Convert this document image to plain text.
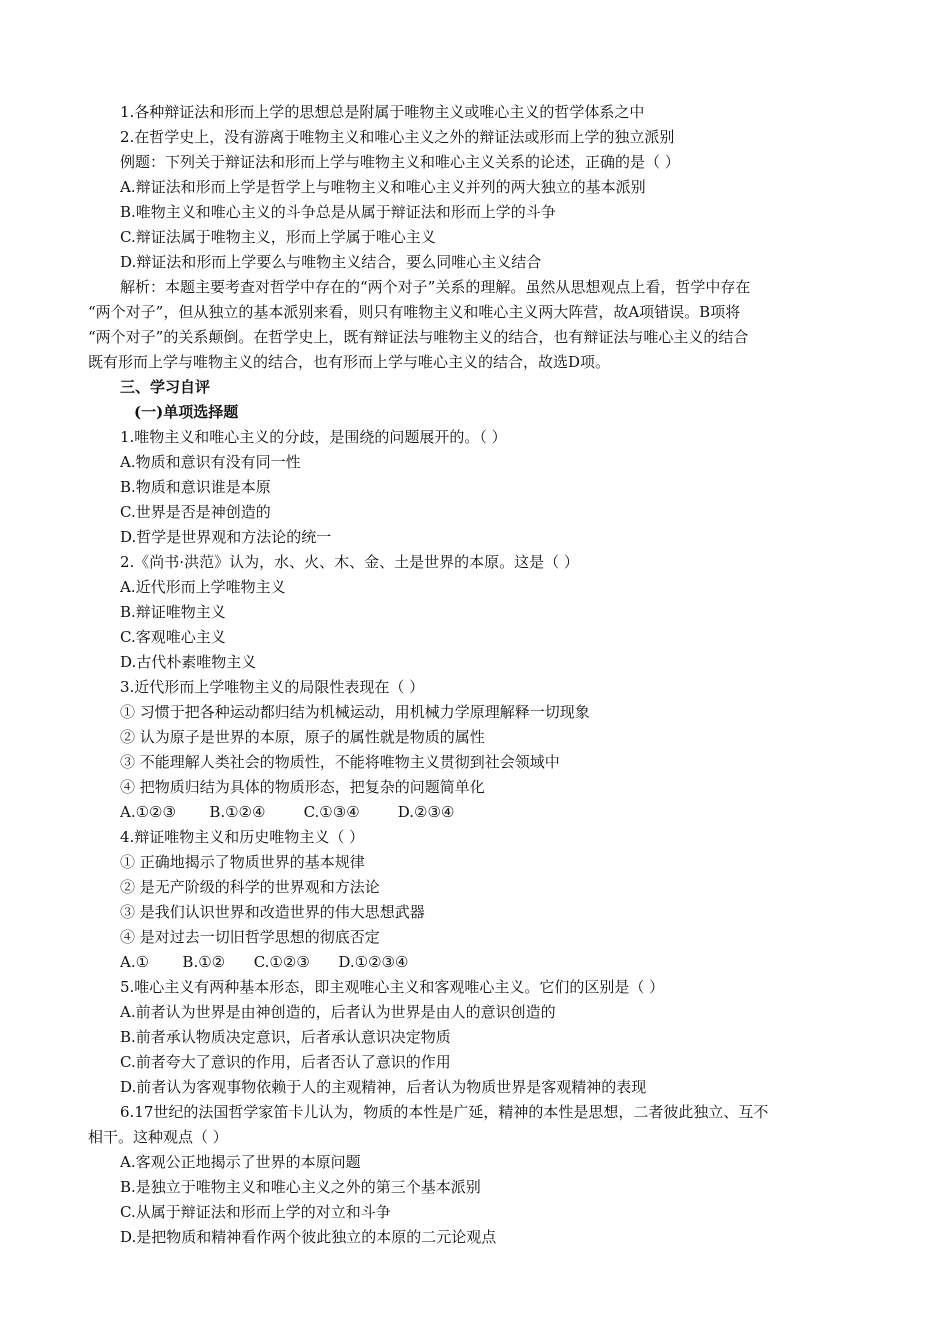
1.各种辩证法和形而上学的思想总是附属于唯物主义或唯心主义的哲学体系之中
2.在哲学史上，没有游离于唯物主义和唯心主义之外的辩证法或形而上学的独立派别
例题：下列关于辩证法和形而上学与唯物主义和唯心主义关系的论述，正确的是（ ）
A.辩证法和形而上学是哲学上与唯物主义和唯心主义并列的两大独立的基本派别
B.唯物主义和唯心主义的斗争总是从属于辩证法和形而上学的斗争
C.辩证法属于唯物主义，形而上学属于唯心主义
D.辩证法和形而上学要么与唯物主义结合，要么同唯心主义结合
解析：本题主要考查对哲学中存在的“两个对子”关系的理解。虽然从思想观点上看，哲学中存在
“两个对子”，但从独立的基本派别来看，则只有唯物主义和唯心主义两大阵营，故A项错误。B项将
“两个对子”的关系颠倒。在哲学史上，既有辩证法与唯物主义的结合，也有辩证法与唯心主义的结合
既有形而上学与唯物主义的结合，也有形而上学与唯心主义的结合，故选D项。
三、学习自评
(一)单项选择题
1.唯物主义和唯心主义的分歧，是围绕的问题展开的。（ ）
A.物质和意识有没有同一性
B.物质和意识谁是本原
C.世界是否是神创造的
D.哲学是世界观和方法论的统一
2.《尚书·洪范》认为，水、火、木、金、土是世界的本原。这是（ ）
A.近代形而上学唯物主义
B.辩证唯物主义
C.客观唯心主义
D.古代朴素唯物主义
3.近代形而上学唯物主义的局限性表现在（ ）
① 习惯于把各种运动都归结为机械运动，用机械力学原理解释一切现象
② 认为原子是世界的本原，原子的属性就是物质的属性
③ 不能理解人类社会的物质性，不能将唯物主义贯彻到社会领域中
④ 把物质归结为具体的物质形态，把复杂的问题简单化
A.①②③       B.①②④        C.①③④        D.②③④
4.辩证唯物主义和历史唯物主义（ ）
① 正确地揭示了物质世界的基本规律
② 是无产阶级的科学的世界观和方法论
③ 是我们认识世界和改造世界的伟大思想武器
④ 是对过去一切旧哲学思想的彻底否定
A.①       B.①②      C.①②③      D.①②③④
5.唯心主义有两种基本形态，即主观唯心主义和客观唯心主义。它们的区别是（ ）
A.前者认为世界是由神创造的，后者认为世界是由人的意识创造的
B.前者承认物质决定意识，后者承认意识决定物质
C.前者夸大了意识的作用，后者否认了意识的作用
D.前者认为客观事物依赖于人的主观精神，后者认为物质世界是客观精神的表现
6.17世纪的法国哲学家笛卡儿认为，物质的本性是广延，精神的本性是思想，二者彼此独立、互不
相干。这种观点（ ）
A.客观公正地揭示了世界的本原问题
B.是独立于唯物主义和唯心主义之外的第三个基本派别
C.从属于辩证法和形而上学的对立和斗争
D.是把物质和精神看作两个彼此独立的本原的二元论观点
